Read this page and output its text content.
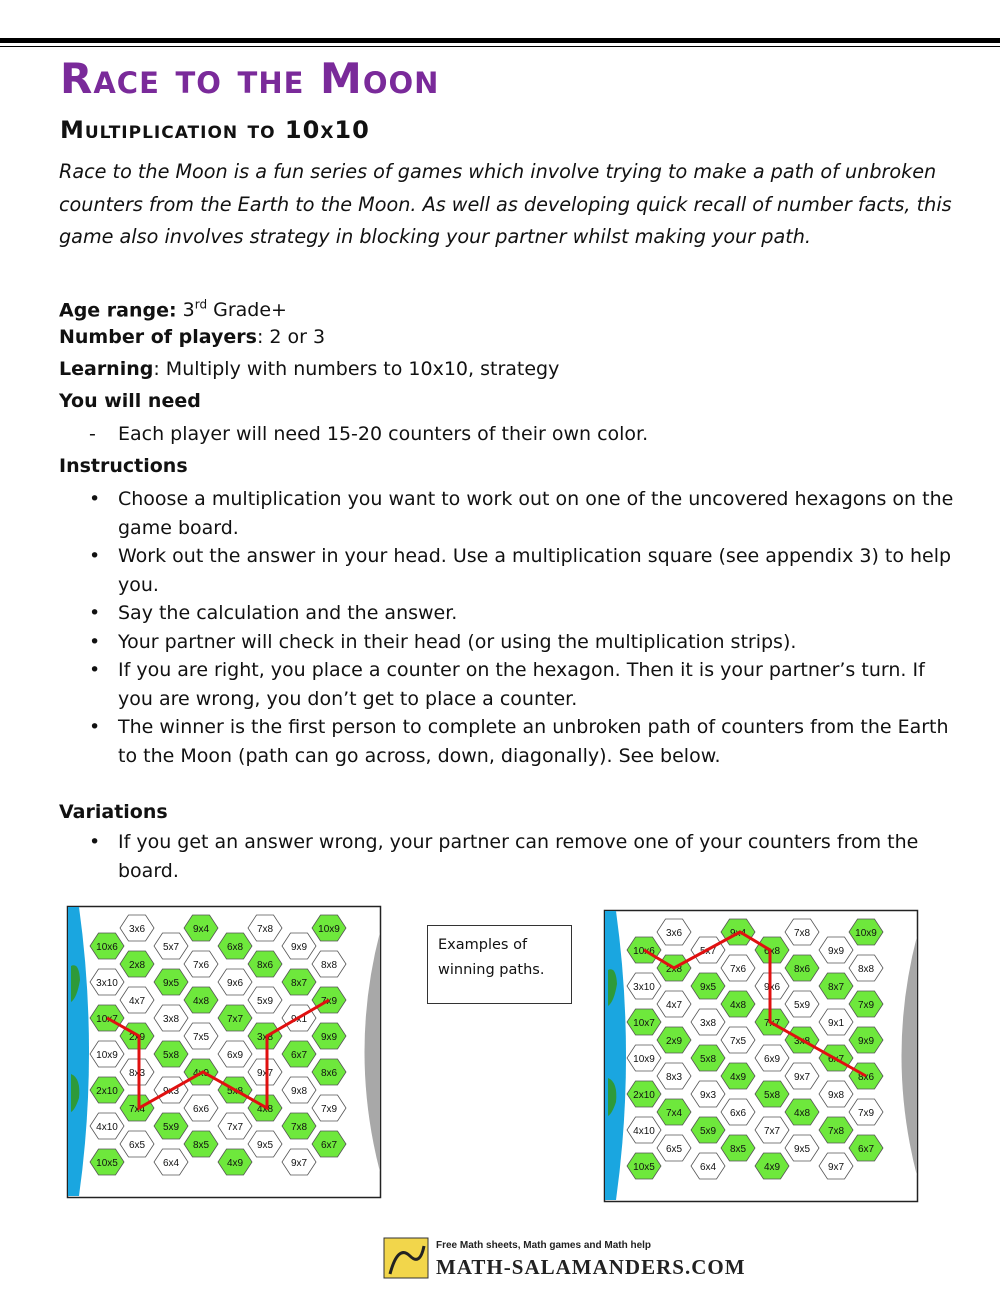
Race to the Moon
Multiplication to 10x10

Race to the Moon is a fun series of games which involve trying to make a path of unbroken counters from the Earth to the Moon. As well as developing quick recall of number facts, this game also involves strategy in blocking your partner whilst making your path.

Age range: 3rd Grade+
Number of players: 2 or 3
Learning: Multiply with numbers to 10x10, strategy
You will need
- Each player will need 15-20 counters of their own color.
Instructions
• Choose a multiplication you want to work out on one of the uncovered hexagons on the game board.
• Work out the answer in your head. Use a multiplication square (see appendix 3) to help you.
• Say the calculation and the answer.
• Your partner will check in their head (or using the multiplication strips).
• If you are right, you place a counter on the hexagon. Then it is your partner’s turn. If you are wrong, you don’t get to place a counter.
• The winner is the first person to complete an unbroken path of counters from the Earth to the Moon (path can go across, down, diagonally). See below.
Variations
• If you get an answer wrong, your partner can remove one of your counters from the board.
3x6	9x4	7x8	10x9
10x6	5x7	6x8	9x9
2x8	7x6	8x6	8x8
3x10	9x5	9x6	8x7
4x7	4x8	5x9	7x9
10x7	3x8	7x7	9x1
2x9	7x5	3x8	9x9
10x9	5x8	6x9	6x7
8x3	4x9	9x7	8x6
2x10	9x3	5x8	9x8
7x4	6x6	4x8	7x9
4x10	5x9	7x7	7x8
6x5	8x5	9x5	6x7
10x5	6x4	4x9	9x7
3x6	9x4	7x8	10x9
10x6	5x7	6x8	9x9
2x8	7x6	8x6	8x8
3x10	9x5	9x6	8x7
4x7	4x8	5x9	7x9
10x7	3x8	7x7	9x1
2x9	7x5	3x8	9x9
10x9	5x8	6x9	6x7
8x3	4x9	9x7	8x6
2x10	9x3	5x8	9x8
7x4	6x6	4x8	7x9
4x10	5x9	7x7	7x8
6x5	8x5	9x5	6x7
10x5	6x4	4x9	9x7
Examples of
winning paths.
Free Math sheets, Math games and Math help
MATH-SALAMANDERS.COM
